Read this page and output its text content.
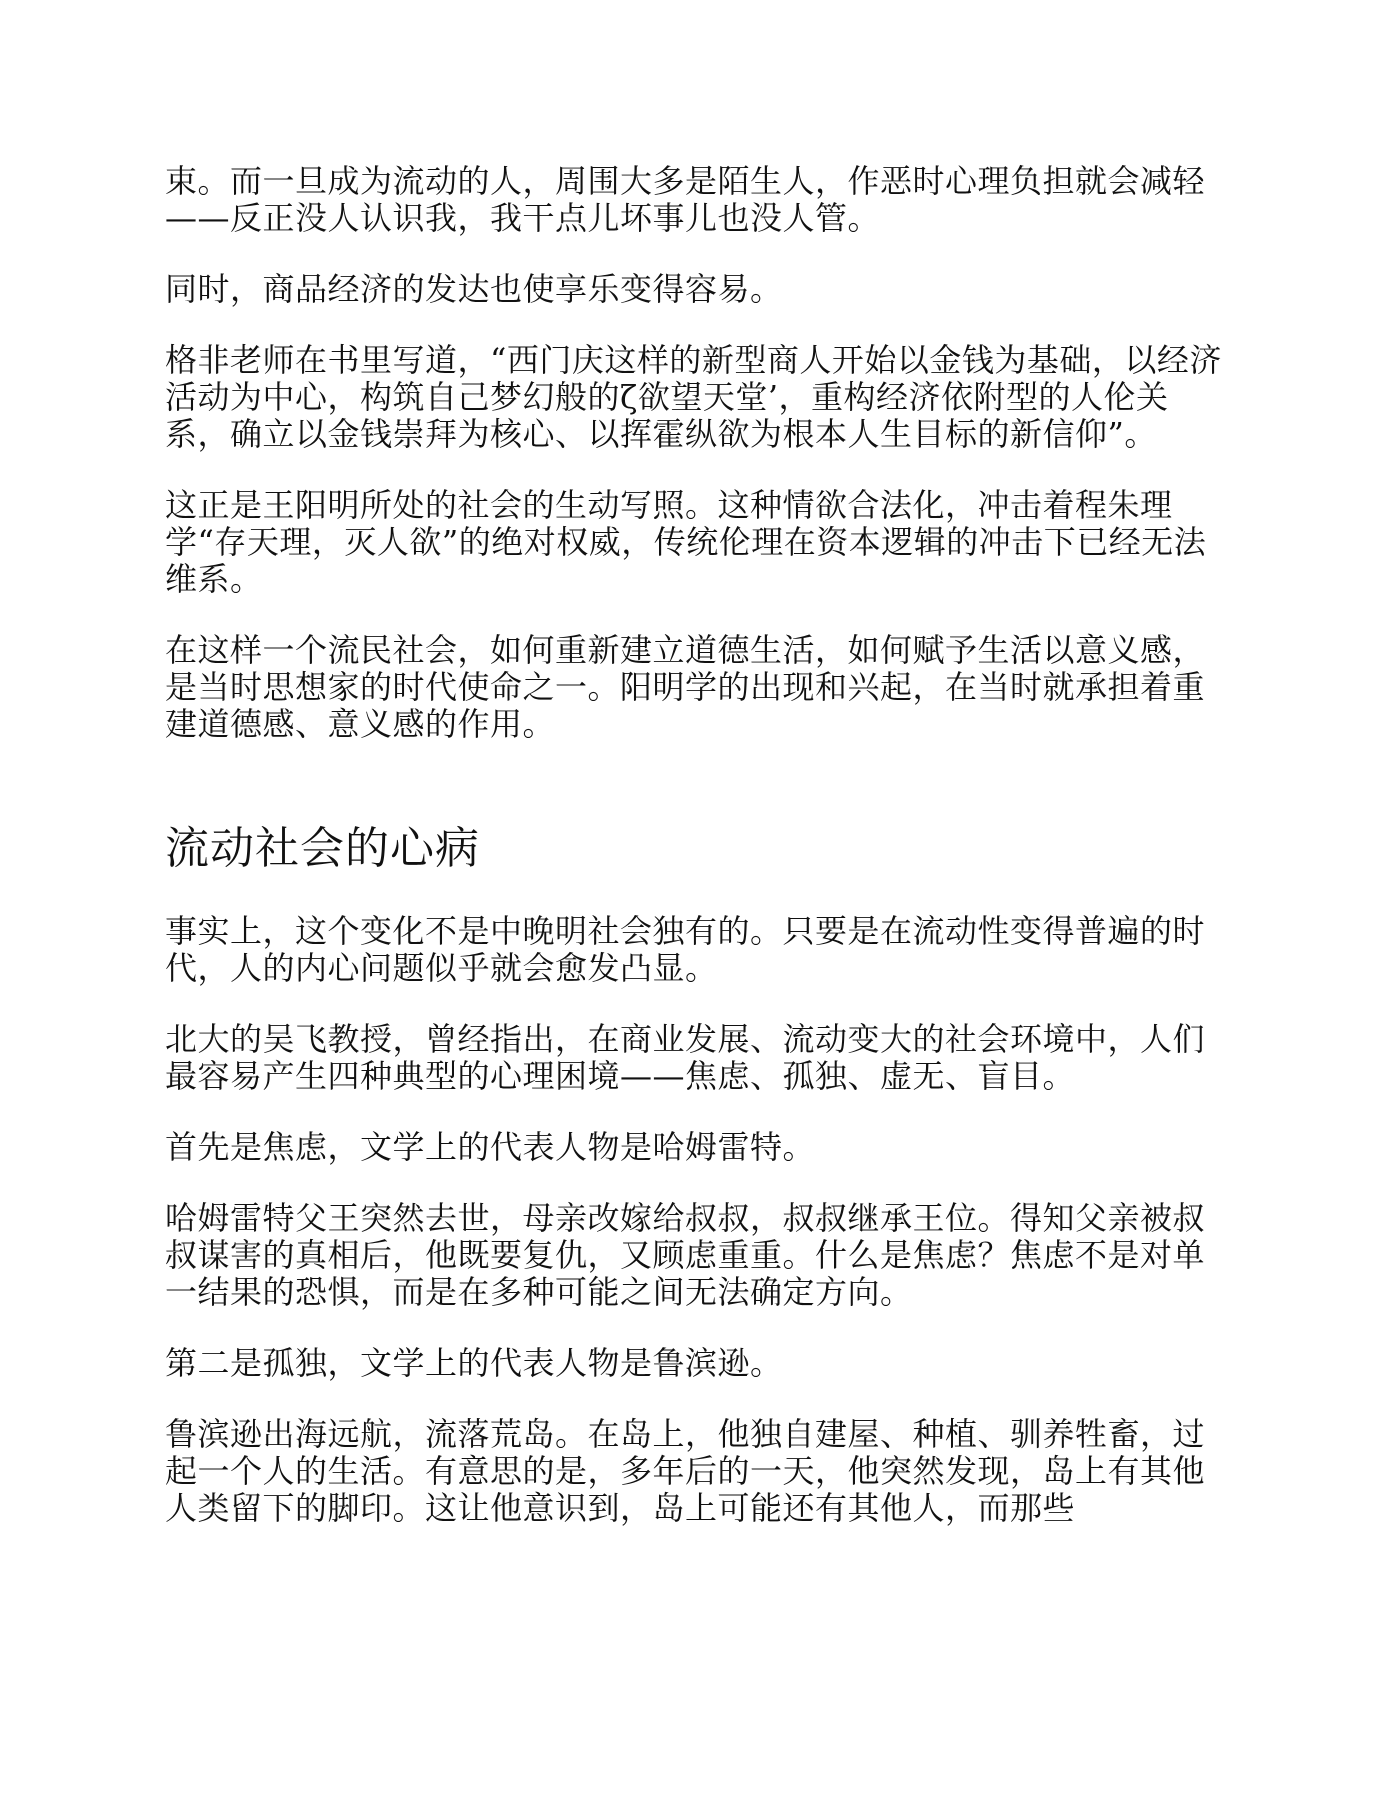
束。而一旦成为流动的人，周围大多是陌生人，作恶时心理负担就会减轻——反正没人认识我，我干点儿坏事儿也没人管。

同时，商品经济的发达也使享乐变得容易。

格非老师在书里写道，“西门庆这样的新型商人开始以金钱为基础，以经济活动为中心，构筑自己梦幻般的ζ欲望天堂’，重构经济依附型的人伦关系，确立以金钱崇拜为核心、以挥霍纵欲为根本人生目标的新信仰”。

这正是王阳明所处的社会的生动写照。这种情欲合法化，冲击着程朱理学“存天理，灭人欲”的绝对权威，传统伦理在资本逻辑的冲击下已经无法维系。

在这样一个流民社会，如何重新建立道德生活，如何赋予生活以意义感，是当时思想家的时代使命之一。阳明学的出现和兴起，在当时就承担着重建道德感、意义感的作用。

流动社会的心病

事实上，这个变化不是中晚明社会独有的。只要是在流动性变得普遍的时代，人的内心问题似乎就会愈发凸显。

北大的吴飞教授，曾经指出，在商业发展、流动变大的社会环境中，人们最容易产生四种典型的心理困境——焦虑、孤独、虚无、盲目。

首先是焦虑，文学上的代表人物是哈姆雷特。

哈姆雷特父王突然去世，母亲改嫁给叔叔，叔叔继承王位。得知父亲被叔叔谋害的真相后，他既要复仇，又顾虑重重。什么是焦虑？焦虑不是对单一结果的恐惧，而是在多种可能之间无法确定方向。

第二是孤独，文学上的代表人物是鲁滨逊。

鲁滨逊出海远航，流落荒岛。在岛上，他独自建屋、种植、驯养牲畜，过起一个人的生活。有意思的是，多年后的一天，他突然发现，岛上有其他人类留下的脚印。这让他意识到，岛上可能还有其他人，而那些
